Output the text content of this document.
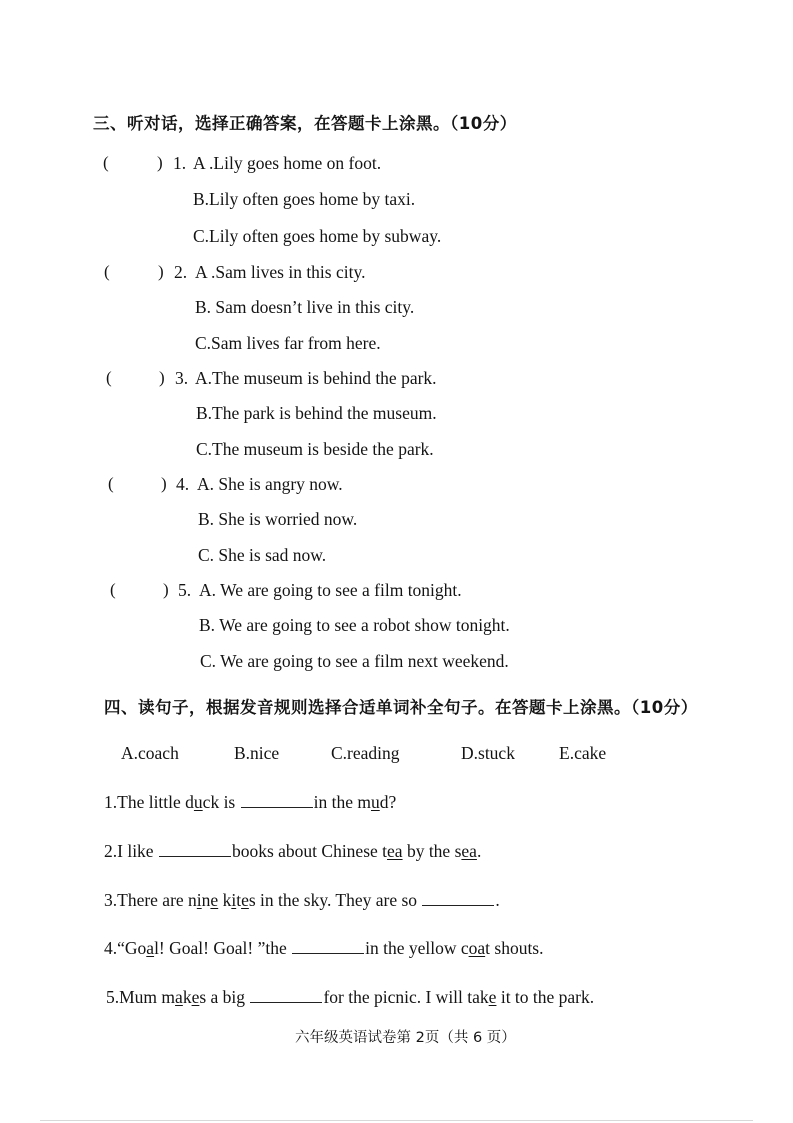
三、听对话，选择正确答案，在答题卡上涂黑。（10分）
(	) 1. A .Lily goes home on foot.
B.Lily often goes home by taxi.
C.Lily often goes home by subway.
(	) 2. A .Sam lives in this city.
B. Sam doesn’t live in this city.
C.Sam lives far from here.
(	) 3. A.The museum is behind the park.
B.The park is behind the museum.
C.The museum is beside the park.
(	) 4. A. She is angry now.
B. She is worried now.
C. She is sad now.
(	) 5. A. We are going to see a film tonight.
B. We are going to see a robot show tonight.
C. We are going to see a film next weekend.
四、读句子，根据发音规则选择合适单词补全句子。在答题卡上涂黑。（10分）
A.coach	B.nice	C.reading	D.stuck	E.cake
1.The little duck is	in the mud?
2.I like	books about Chinese tea by the sea.
3.There are nine kites in the sky. They are so	.
4.“Goal! Goal! Goal! ”the	in the yellow coat shouts.
5.Mum makes a big	for the picnic. I will take it to the park.
六年级英语试卷第 2页（共 6 页）
